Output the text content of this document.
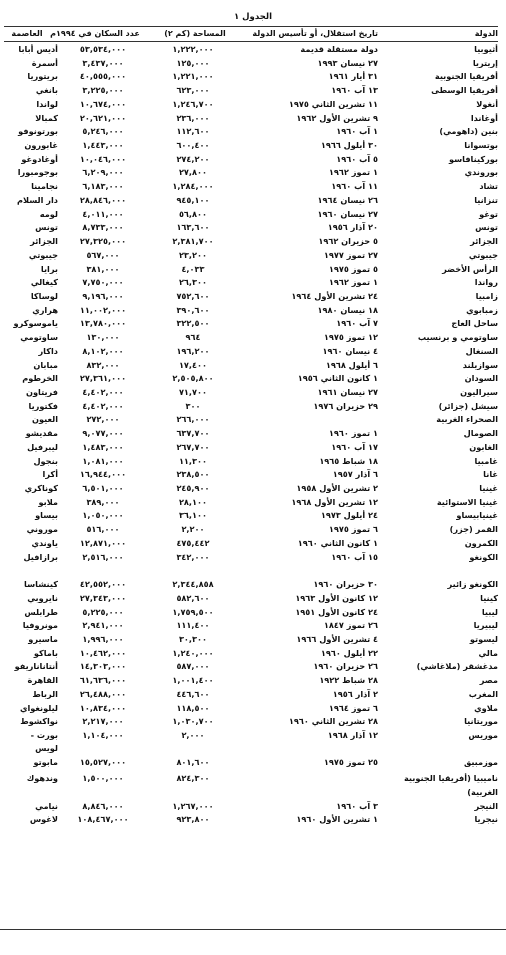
الجدول ١
الدولة
تاريخ استقلال، أو تأسيس الدولة
المساحة (كم ٢)
عدد السكان في ١٩٩٤م
العاصمة
أثيوبيا
دولة مستقلة قديمة
١,٢٢٢,٠٠٠
٥٣,٥٣٤,٠٠٠
أديس أبابا
إريتريا
٢٧ نيسان ١٩٩٣
١٢٥,٠٠٠
٣,٤٣٧,٠٠٠
أسمرة
أفريقيا الجنوبية
٣١ أيار ١٩٦١
١,٢٢١,٠٠٠
٤٠,٥٥٥,٠٠٠
بريتوريا
أفريقيا الوسطى
١٣ آب ١٩٦٠
٦٢٣,٠٠٠
٣,٢٢٥,٠٠٠
بانغي
أنغولا
١١ تشرين الثاني ١٩٧٥
١,٢٤٦,٧٠٠
١٠,٦٧٤,٠٠٠
لواندا
أوغاندا
٩ تشرين الأول ١٩٦٢
٢٣٦,٠٠٠
٢٠,٦٢١,٠٠٠
كمبالا
بنين (داهومي)
١ آب ١٩٦٠
١١٢,٦٠٠
٥,٢٤٦,٠٠٠
بورتونوفو
بوتسوانا
٣٠ أيلول ١٩٦٦
٦٠٠,٤٠٠
١,٤٤٣,٠٠٠
غابورون
بوركينافاسو
٥ آب ١٩٦٠
٢٧٤,٢٠٠
١٠,٠٤٦,٠٠٠
أوغادوغو
بوروندي
١ تموز ١٩٦٢
٢٧,٨٠٠
٦,٢٠٩,٠٠٠
بوجومبورا
تشاد
١١ آب ١٩٦٠
١,٢٨٤,٠٠٠
٦,١٨٣,٠٠٠
نجامينا
تنزانيا
٢٦ نيسان ١٩٦٤
٩٤٥,١٠٠
٢٨,٨٤٦,٠٠٠
دار السلام
توغو
٢٧ نيسان ١٩٦٠
٥٦,٨٠٠
٤,٠١١,٠٠٠
لومه
تونس
٢٠ آذار ١٩٥٦
١٦٣,٦٠٠
٨,٧٣٣,٠٠٠
تونس
الجزائر
٥ حزيران ١٩٦٢
٢,٣٨١,٧٠٠
٢٧,٣٢٥,٠٠٠
الجزائر
جيبوتي
٢٧ تموز ١٩٧٧
٢٣,٢٠٠
٥٦٧,٠٠٠
جيبوتي
الرأس الأخضر
٥ تموز ١٩٧٥
٤,٠٣٣
٣٨١,٠٠٠
برايا
رواندا
١ تموز ١٩٦٢
٢٦,٣٠٠
٧,٧٥٠,٠٠٠
كيغالي
زامبيا
٢٤ تشرين الأول ١٩٦٤
٧٥٢,٦٠٠
٩,١٩٦,٠٠٠
لوساكا
زمبابوي
١٨ نيسان ١٩٨٠
٣٩٠,٦٠٠
١١,٠٠٢,٠٠٠
هراري
ساحل العاج
٧ آب ١٩٦٠
٣٢٢,٥٠٠
١٣,٧٨٠,٠٠٠
ياموسوكرو
ساوتومي و برنسيب
١٢ تموز ١٩٧٥
٩٦٤
١٣٠,٠٠٠
ساوتومي
السنغال
٤ نيسان ١٩٦٠
١٩٦,٢٠٠
٨,١٠٢,٠٠٠
داكار
سوازيلند
٦ أيلول ١٩٦٨
١٧,٤٠٠
٨٣٢,٠٠٠
مبابان
السودان
١ كانون الثاني ١٩٥٦
٢,٥٠٥,٨٠٠
٢٧,٣٦١,٠٠٠
الخرطوم
سيراليون
٢٧ نيسان ١٩٦١
٧١,٧٠٠
٤,٤٠٢,٠٠٠
فريتاون
سيشل (جزائر)
٢٩ حزيران ١٩٧٦
٣٠٠
٤,٤٠٢,٠٠٠
فكتوريا
الصحراء الغربية
٢٦٦,٠٠٠
٢٧٢,٠٠٠
العيون
الصومال
١ تموز ١٩٦٠
٦٣٧,٧٠٠
٩,٠٧٧,٠٠٠
مقديشو
الغابون
١٧ آب ١٩٦٠
٢٦٧,٧٠٠
١,٤٨٣,٠٠٠
ليبرفيل
غامبيا
١٨ شباط ١٩٦٥
١١,٣٠٠
١,٠٨١,٠٠٠
بنجول
غانا
٦ آذار ١٩٥٧
٢٣٨,٥٠٠
١٦,٩٤٤,٠٠٠
أكرا
غينيا
٢ تشرين الأول ١٩٥٨
٢٤٥,٩٠٠
٦,٥٠١,٠٠٠
كوناكري
غينيا الاستوائية
١٢ تشرين الأول ١٩٦٨
٢٨,١٠٠
٣٨٩,٠٠٠
ملابو
غينيابيساو
٢٤ أيلول ١٩٧٣
٣٦,١٠٠
١,٠٥٠,٠٠٠
بيساو
القمر (جزر)
٦ تموز ١٩٧٥
٢,٢٠٠
٥١٦,٠٠٠
موروني
الكمرون
١ كانون الثاني ١٩٦٠
٤٧٥,٤٤٢
١٢,٨٧١,٠٠٠
ياوندي
الكونغو
١٥ آب ١٩٦٠
٣٤٢,٠٠٠
٢,٥١٦,٠٠٠
برازافيل
الكونغو زائير
٣٠ حزيران ١٩٦٠
٢,٣٤٤,٨٥٨
٤٢,٥٥٢,٠٠٠
كينشاسا
كينيا
١٢ كانون الأول ١٩٦٣
٥٨٢,٦٠٠
٢٧,٣٤٣,٠٠٠
نايروبي
ليبيا
٢٤ كانون الأول ١٩٥١
١,٧٥٩,٥٠٠
٥,٢٢٥,٠٠٠
طرابلس
ليبيريا
٢٦ تموز ١٨٤٧
١١١,٤٠٠
٢,٩٤١,٠٠٠
مونروفيا
ليسوتو
٤ تشرين الأول ١٩٦٦
٣٠,٣٠٠
١,٩٩٦,٠٠٠
ماسيرو
مالي
٢٢ أيلول ١٩٦٠
١,٢٤٠,٠٠٠
١٠,٤٦٢,٠٠٠
باماكو
مدغشقر (ملاغاشي)
٢٦ حزيران ١٩٦٠
٥٨٧,٠٠٠
١٤,٣٠٣,٠٠٠
أنتاناناريفو
مصر
٢٨ شباط ١٩٢٢
١,٠٠١,٤٠٠
٦١,٦٣٦,٠٠٠
القاهرة
المغرب
٢ آذار ١٩٥٦
٤٤٦,٦٠٠
٢٦,٤٨٨,٠٠٠
الرباط
ملاوي
٦ تموز ١٩٦٤
١١٨,٥٠٠
١٠,٨٣٤,٠٠٠
ليلونغواي
موريتانيا
٢٨ تشرين الثاني ١٩٦٠
١,٠٣٠,٧٠٠
٢,٢١٧,٠٠٠
نواكشوط
موريس
١٢ آذار ١٩٦٨
٢,٠٠٠
١,١٠٤,٠٠٠
بورت - لويس
موزمبيق
٢٥ تموز ١٩٧٥
٨٠١,٦٠٠
١٥,٥٢٧,٠٠٠
مابوتو
ناميبيا (أفريقيا الجنوبية الغربية)
٨٢٤,٣٠٠
١,٥٠٠,٠٠٠
وندهوك
النيجر
٣ آب ١٩٦٠
١,٢٦٧,٠٠٠
٨,٨٤٦,٠٠٠
نيامي
نيجريا
١ تشرين الأول ١٩٦٠
٩٢٣,٨٠٠
١٠٨,٤٦٧,٠٠٠
لاغوس
